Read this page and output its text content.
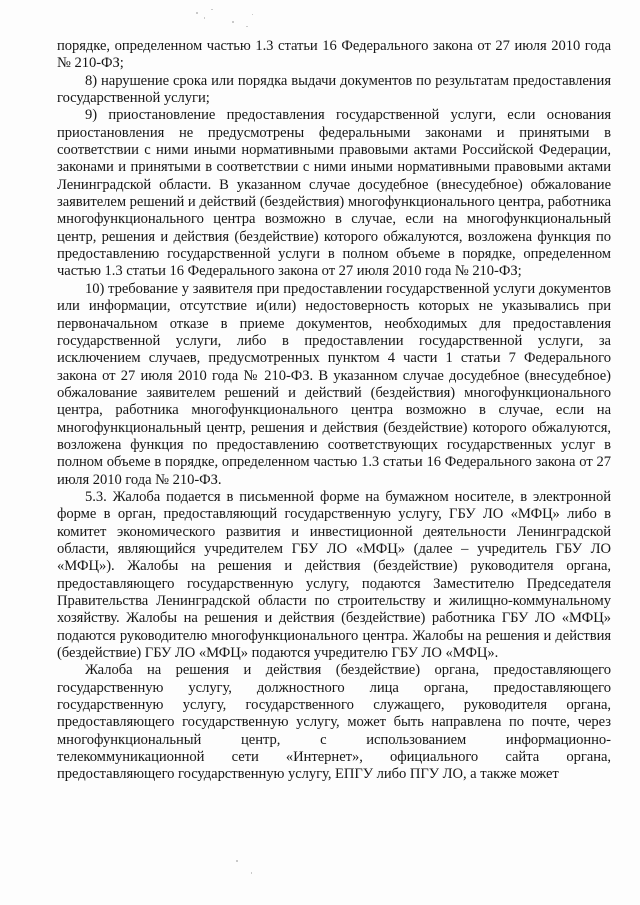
порядке, определенном частью 1.3 статьи 16 Федерального закона от 27 июля 2010 года № 210-ФЗ;

8) нарушение срока или порядка выдачи документов по результатам предоставления государственной услуги;

9) приостановление предоставления государственной услуги, если основания приостановления не предусмотрены федеральными законами и принятыми в соответствии с ними иными нормативными правовыми актами Российской Федерации, законами и принятыми в соответствии с ними иными нормативными правовыми актами Ленинградской области. В указанном случае досудебное (внесудебное) обжалование заявителем решений и действий (бездействия) многофункционального центра, работника многофункционального центра возможно в случае, если на многофункциональный центр, решения и действия (бездействие) которого обжалуются, возложена функция по предоставлению государственной услуги в полном объеме в порядке, определенном частью 1.3 статьи 16 Федерального закона от 27 июля 2010 года № 210-ФЗ;

10) требование у заявителя при предоставлении государственной услуги документов или информации, отсутствие и(или) недостоверность которых не указывались при первоначальном отказе в приеме документов, необходимых для предоставления государственной услуги, либо в предоставлении государственной услуги, за исключением случаев, предусмотренных пунктом 4 части 1 статьи 7 Федерального закона от 27 июля 2010 года № 210-ФЗ. В указанном случае досудебное (внесудебное) обжалование заявителем решений и действий (бездействия) многофункционального центра, работника многофункционального центра возможно в случае, если на многофункциональный центр, решения и действия (бездействие) которого обжалуются, возложена функция по предоставлению соответствующих государственных услуг в полном объеме в порядке, определенном частью 1.3 статьи 16 Федерального закона от 27 июля 2010 года № 210-ФЗ.

5.3. Жалоба подается в письменной форме на бумажном носителе, в электронной форме в орган, предоставляющий государственную услугу, ГБУ ЛО «МФЦ» либо в комитет экономического развития и инвестиционной деятельности Ленинградской области, являющийся учредителем ГБУ ЛО «МФЦ» (далее – учредитель ГБУ ЛО «МФЦ»). Жалобы на решения и действия (бездействие) руководителя органа, предоставляющего государственную услугу, подаются Заместителю Председателя Правительства Ленинградской области по строительству и жилищно-коммунальному хозяйству. Жалобы на решения и действия (бездействие) работника ГБУ ЛО «МФЦ» подаются руководителю многофункционального центра. Жалобы на решения и действия (бездействие) ГБУ ЛО «МФЦ» подаются учредителю ГБУ ЛО «МФЦ».

Жалоба на решения и действия (бездействие) органа, предоставляющего государственную услугу, должностного лица органа, предоставляющего государственную услугу, государственного служащего, руководителя органа, предоставляющего государственную услугу, может быть направлена по почте, через многофункциональный центр, с использованием информационно-телекоммуникационной сети «Интернет», официального сайта органа, предоставляющего государственную услугу, ЕПГУ либо ПГУ ЛО, а также может
